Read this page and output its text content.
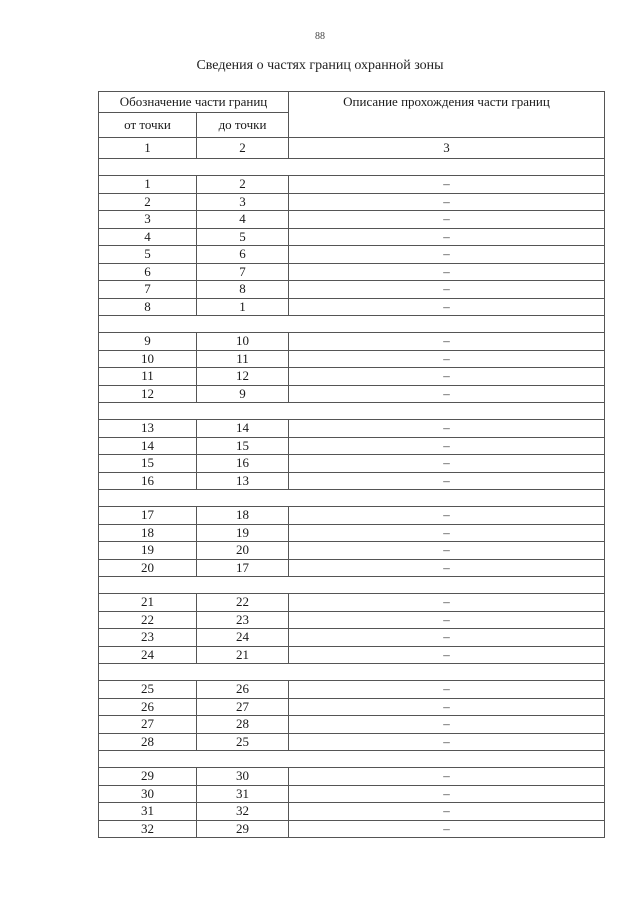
88
Сведения о частях границ охранной зоны
Обозначение части границ		Описание прохождения части границ
от точки	до точки	
1	2	3

1	2	–
2	3	–
3	4	–
4	5	–
5	6	–
6	7	–
7	8	–
8	1	–

9	10	–
10	11	–
11	12	–
12	9	–

13	14	–
14	15	–
15	16	–
16	13	–

17	18	–
18	19	–
19	20	–
20	17	–

21	22	–
22	23	–
23	24	–
24	21	–

25	26	–
26	27	–
27	28	–
28	25	–

29	30	–
30	31	–
31	32	–
32	29	–
